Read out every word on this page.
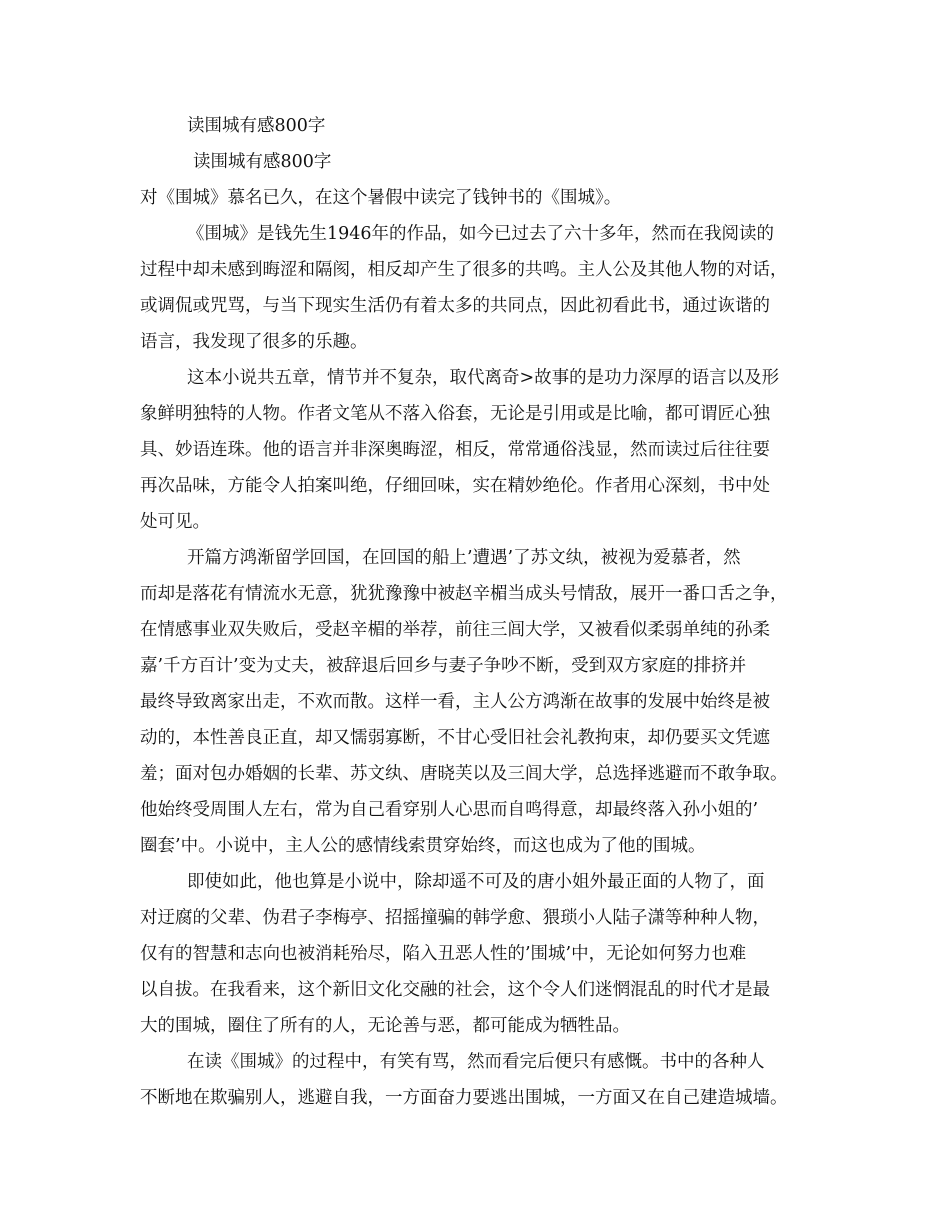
读围城有感800字
读围城有感800字
对《围城》慕名已久，在这个暑假中读完了钱钟书的《围城》。
《围城》是钱先生1946年的作品，如今已过去了六十多年，然而在我阅读的
过程中却未感到晦涩和隔阂，相反却产生了很多的共鸣。主人公及其他人物的对话，
或调侃或咒骂，与当下现实生活仍有着太多的共同点，因此初看此书，通过诙谐的
语言，我发现了很多的乐趣。
这本小说共五章，情节并不复杂，取代离奇>故事的是功力深厚的语言以及形
象鲜明独特的人物。作者文笔从不落入俗套，无论是引用或是比喻，都可谓匠心独
具、妙语连珠。他的语言并非深奥晦涩，相反，常常通俗浅显，然而读过后往往要
再次品味，方能令人拍案叫绝，仔细回味，实在精妙绝伦。作者用心深刻，书中处
处可见。
开篇方鸿渐留学回国，在回国的船上’遭遇’了苏文纨，被视为爱慕者，然
而却是落花有情流水无意，犹犹豫豫中被赵辛楣当成头号情敌，展开一番口舌之争，
在情感事业双失败后，受赵辛楣的举荐，前往三闾大学，又被看似柔弱单纯的孙柔
嘉’千方百计’变为丈夫，被辞退后回乡与妻子争吵不断，受到双方家庭的排挤并
最终导致离家出走，不欢而散。这样一看，主人公方鸿渐在故事的发展中始终是被
动的，本性善良正直，却又懦弱寡断，不甘心受旧社会礼教拘束，却仍要买文凭遮
羞；面对包办婚姻的长辈、苏文纨、唐晓芙以及三闾大学，总选择逃避而不敢争取。
他始终受周围人左右，常为自己看穿别人心思而自鸣得意，却最终落入孙小姐的’
圈套’中。小说中，主人公的感情线索贯穿始终，而这也成为了他的围城。
即使如此，他也算是小说中，除却遥不可及的唐小姐外最正面的人物了，面
对迂腐的父辈、伪君子李梅亭、招摇撞骗的韩学愈、猥琐小人陆子潇等种种人物，
仅有的智慧和志向也被消耗殆尽，陷入丑恶人性的’围城’中，无论如何努力也难
以自拔。在我看来，这个新旧文化交融的社会，这个令人们迷惘混乱的时代才是最
大的围城，圈住了所有的人，无论善与恶，都可能成为牺牲品。
在读《围城》的过程中，有笑有骂，然而看完后便只有感慨。书中的各种人
不断地在欺骗别人，逃避自我，一方面奋力要逃出围城，一方面又在自己建造城墙。
